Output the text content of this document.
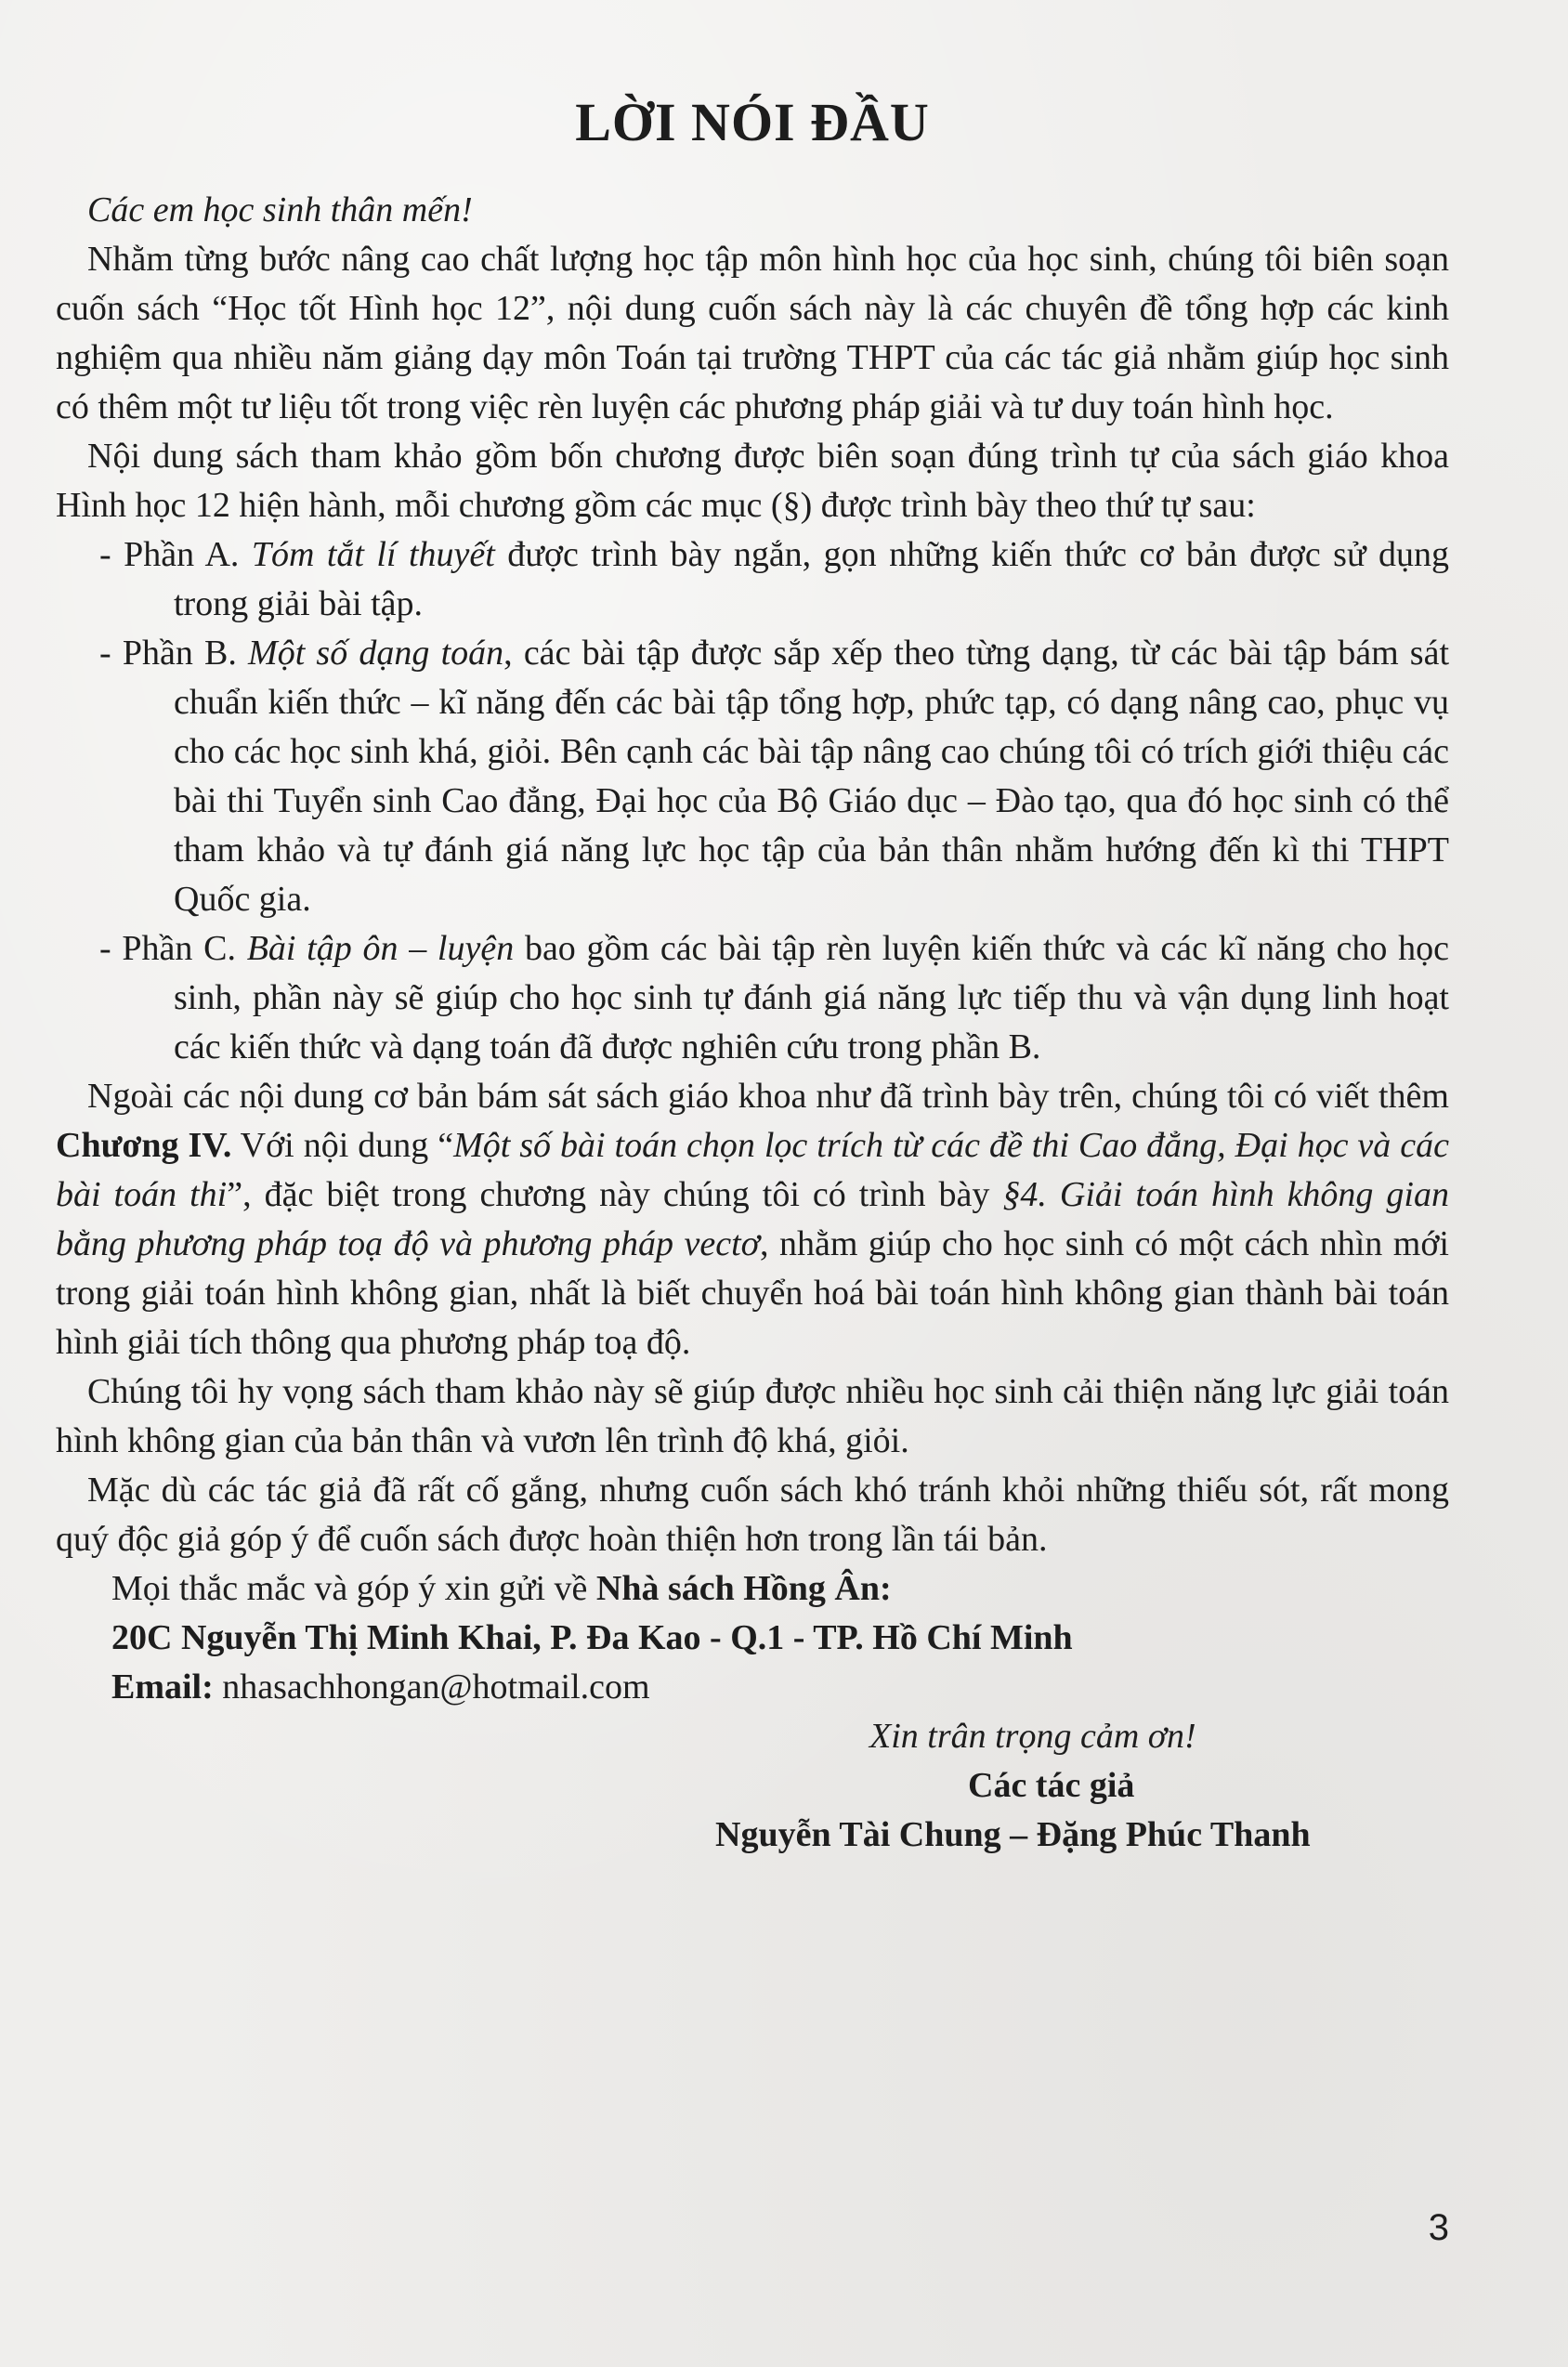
LỜI NÓI ĐẦU

Các em học sinh thân mến!

Nhằm từng bước nâng cao chất lượng học tập môn hình học của học sinh, chúng tôi biên soạn cuốn sách “Học tốt Hình học 12”, nội dung cuốn sách này là các chuyên đề tổng hợp các kinh nghiệm qua nhiều năm giảng dạy môn Toán tại trường THPT của các tác giả nhằm giúp học sinh có thêm một tư liệu tốt trong việc rèn luyện các phương pháp giải và tư duy toán hình học.

Nội dung sách tham khảo gồm bốn chương được biên soạn đúng trình tự của sách giáo khoa Hình học 12 hiện hành, mỗi chương gồm các mục (§) được trình bày theo thứ tự sau:

- Phần A. Tóm tắt lí thuyết được trình bày ngắn, gọn những kiến thức cơ bản được sử dụng trong giải bài tập.

- Phần B. Một số dạng toán, các bài tập được sắp xếp theo từng dạng, từ các bài tập bám sát chuẩn kiến thức – kĩ năng đến các bài tập tổng hợp, phức tạp, có dạng nâng cao, phục vụ cho các học sinh khá, giỏi. Bên cạnh các bài tập nâng cao chúng tôi có trích giới thiệu các bài thi Tuyển sinh Cao đẳng, Đại học của Bộ Giáo dục – Đào tạo, qua đó học sinh có thể tham khảo và tự đánh giá năng lực học tập của bản thân nhằm hướng đến kì thi THPT Quốc gia.

- Phần C. Bài tập ôn – luyện bao gồm các bài tập rèn luyện kiến thức và các kĩ năng cho học sinh, phần này sẽ giúp cho học sinh tự đánh giá năng lực tiếp thu và vận dụng linh hoạt các kiến thức và dạng toán đã được nghiên cứu trong phần B.

Ngoài các nội dung cơ bản bám sát sách giáo khoa như đã trình bày trên, chúng tôi có viết thêm Chương IV. Với nội dung “Một số bài toán chọn lọc trích từ các đề thi Cao đẳng, Đại học và các bài toán thi”, đặc biệt trong chương này chúng tôi có trình bày §4. Giải toán hình không gian bằng phương pháp toạ độ và phương pháp vectơ, nhằm giúp cho học sinh có một cách nhìn mới trong giải toán hình không gian, nhất là biết chuyển hoá bài toán hình không gian thành bài toán hình giải tích thông qua phương pháp toạ độ.

Chúng tôi hy vọng sách tham khảo này sẽ giúp được nhiều học sinh cải thiện năng lực giải toán hình không gian của bản thân và vươn lên trình độ khá, giỏi.

Mặc dù các tác giả đã rất cố gắng, nhưng cuốn sách khó tránh khỏi những thiếu sót, rất mong quý độc giả góp ý để cuốn sách được hoàn thiện hơn trong lần tái bản.

Mọi thắc mắc và góp ý xin gửi về Nhà sách Hồng Ân:

20C Nguyễn Thị Minh Khai, P. Đa Kao - Q.1 - TP. Hồ Chí Minh

Email: nhasachhongan@hotmail.com

Xin trân trọng cảm ơn!

Các tác giả

Nguyễn Tài Chung – Đặng Phúc Thanh

3
